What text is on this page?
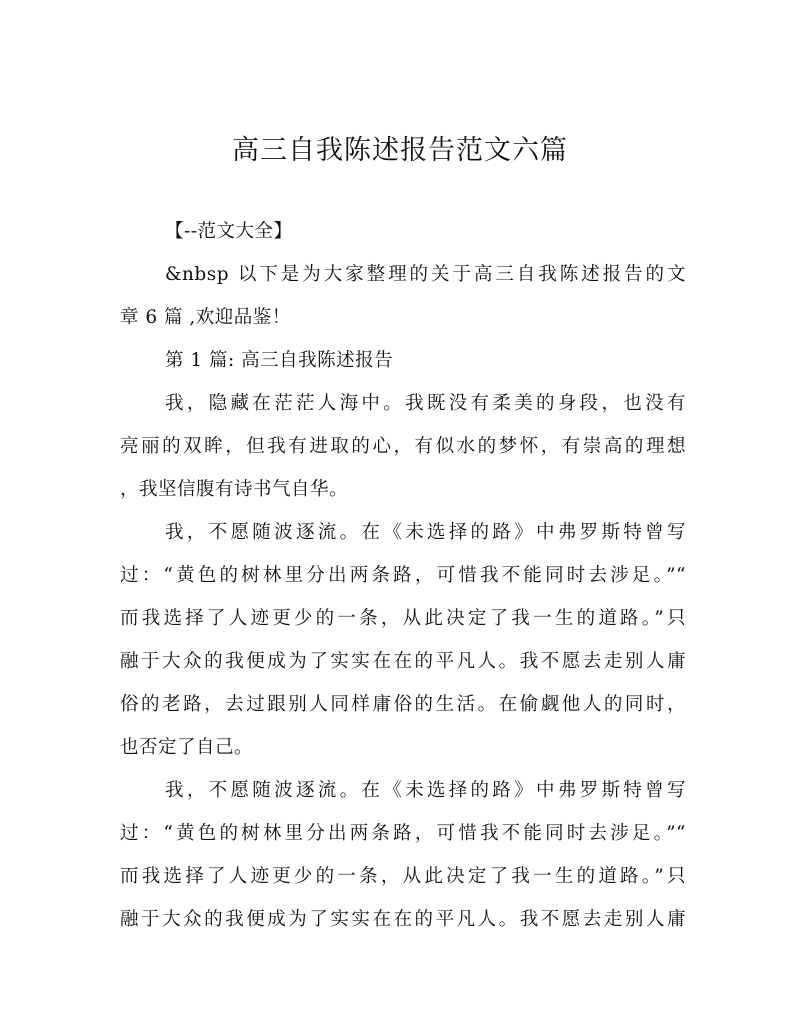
高三自我陈述报告范文六篇
【--范文大全】
&nbsp 以下是为大家整理的关于高三自我陈述报告的文
章 6 篇 ,欢迎品鉴！
第 1 篇: 高三自我陈述报告
我，隐藏在茫茫人海中。我既没有柔美的身段，也没有
亮丽的双眸，但我有进取的心，有似水的梦怀，有崇高的理想
，我坚信腹有诗书气自华。
我，不愿随波逐流。在《未选择的路》中弗罗斯特曾写
过：“黄色的树林里分出两条路，可惜我不能同时去涉足。”“
而我选择了人迹更少的一条，从此决定了我一生的道路。”只
融于大众的我便成为了实实在在的平凡人。我不愿去走别人庸
俗的老路，去过跟别人同样庸俗的生活。在偷觑他人的同时，
也否定了自己。
我，不愿随波逐流。在《未选择的路》中弗罗斯特曾写
过：“黄色的树林里分出两条路，可惜我不能同时去涉足。”“
而我选择了人迹更少的一条，从此决定了我一生的道路。”只
融于大众的我便成为了实实在在的平凡人。我不愿去走别人庸
